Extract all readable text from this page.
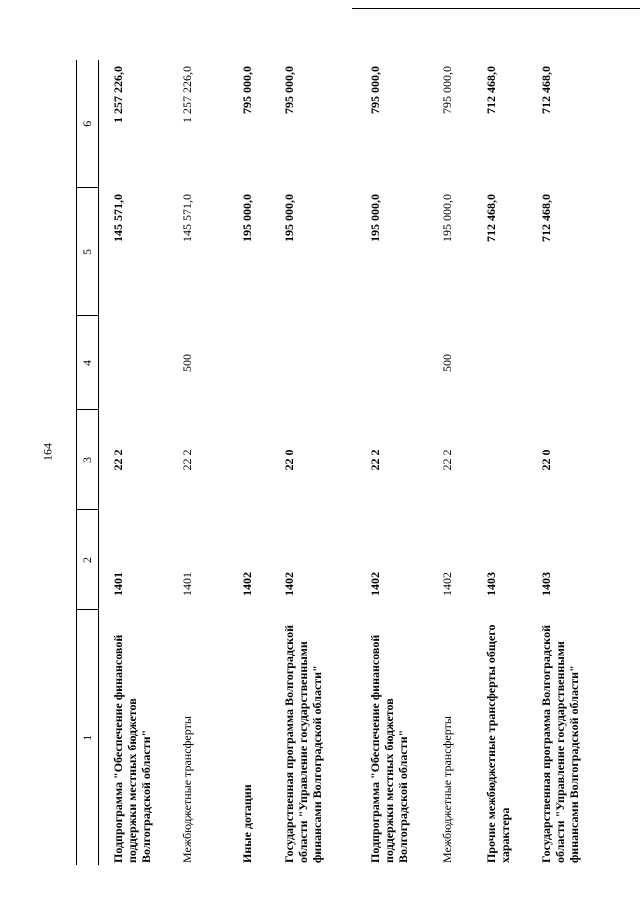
164
1	2	3	4	5	6
Подпрограмма "Обеспечение финансовой поддержки местных бюджетов Волгоградской области"	1401	22 2		145 571,0	1 257 226,0
Межбюджетные трансферты	1401	22 2	500	145 571,0	1 257 226,0
Иные дотации	1402			195 000,0	795 000,0
Государственная программа Волгоградской области "Управление государственными финансами Волгоградской области"	1402	22 0		195 000,0	795 000,0
Подпрограмма "Обеспечение финансовой поддержки местных бюджетов Волгоградской области"	1402	22 2		195 000,0	795 000,0
Межбюджетные трансферты	1402	22 2	500	195 000,0	795 000,0
Прочие межбюджетные трансферты общего характера	1403			712 468,0	712 468,0
Государственная программа Волгоградской области "Управление государственными финансами Волгоградской области"	1403	22 0		712 468,0	712 468,0
